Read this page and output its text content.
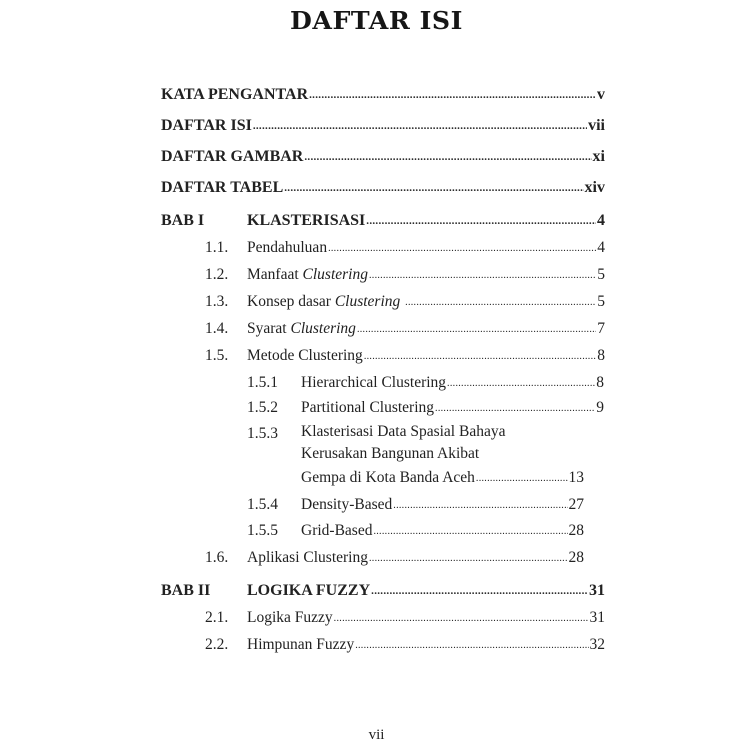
DAFTAR ISI
KATA PENGANTAR .....	v
DAFTAR ISI .....	vii
DAFTAR GAMBAR .....	xi
DAFTAR TABEL .....	xiv
BAB I	KLASTERISASI .....	4
1.1.	Pendahuluan .....	4
1.2.	Manfaat Clustering .....	5
1.3.	Konsep dasar Clustering .....	5
1.4.	Syarat Clustering .....	7
1.5.	Metode Clustering .....	8
1.5.1	Hierarchical Clustering .....	8
1.5.2	Partitional Clustering .....	9
1.5.3	Klasterisasi Data Spasial Bahaya
Kerusakan Bangunan Akibat
Gempa di Kota Banda Aceh .....	13
1.5.4	Density-Based .....	27
1.5.5	Grid-Based .....	28
1.6.	Aplikasi Clustering .....	28
BAB II	LOGIKA FUZZY .....	31
2.1.	Logika Fuzzy .....	31
2.2.	Himpunan Fuzzy .....	32
vii
